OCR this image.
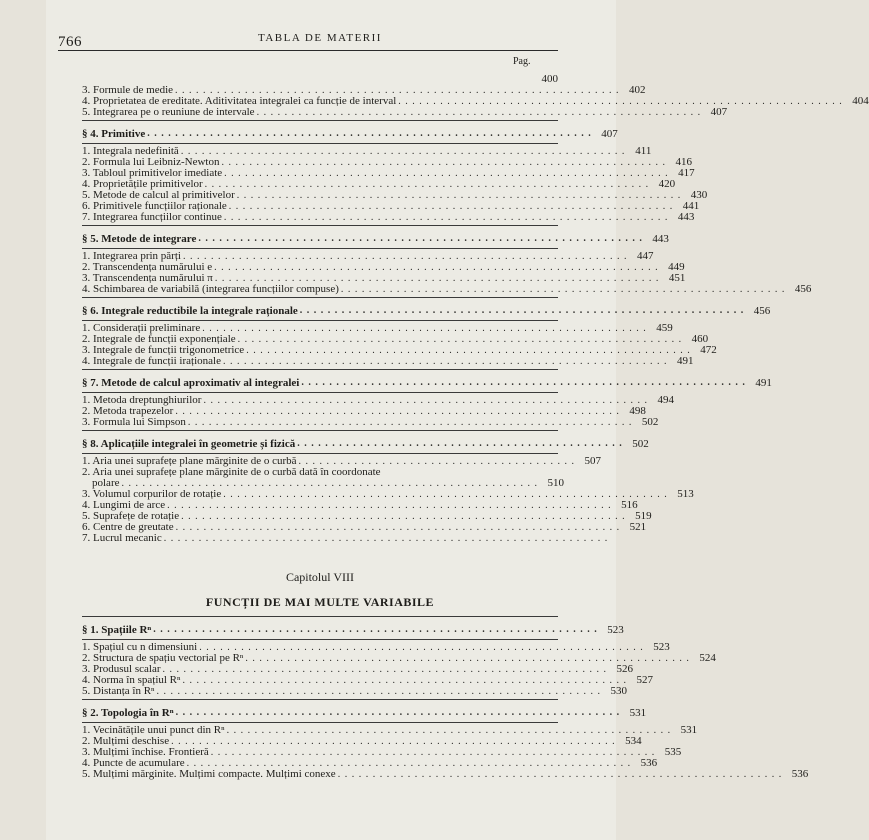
766	TABLA DE MATERII
Pag.
400
3. Formule de medie . . . . . . . . . . . . . . . . . . . . . . . . . . . . . . . . . . . . . . . . . . . . . . . . . . . . . . . . . . . . . . . . 402
4. Proprietatea de ereditate. Aditivitatea integralei ca funcție de interval . . . . . . . . . . . . . . . . . . . . . . . . . . . . . . . . . . . . . . . . . . . . . . . . . . . . . . . . . . . . . . . . 404
5. Integrarea pe o reuniune de intervale . . . . . . . . . . . . . . . . . . . . . . . . . . . . . . . . . . . . . . . . . . . . . . . . . . . . . . . . . . . . . . . . 407
§ 4. Primitive . . . . . . . . . . . . . . . . . . . . . . . . . . . . . . . . . . . . . . . . . . . . . . . . . . . . . . . . . . . . . . . . 407
1. Integrala nedefinită . . . . . . . . . . . . . . . . . . . . . . . . . . . . . . . . . . . . . . . . . . . . . . . . . . . . . . . . . . . . . . . . 411
2. Formula lui Leibniz-Newton . . . . . . . . . . . . . . . . . . . . . . . . . . . . . . . . . . . . . . . . . . . . . . . . . . . . . . . . . . . . . . . . 416
3. Tabloul primitivelor imediate . . . . . . . . . . . . . . . . . . . . . . . . . . . . . . . . . . . . . . . . . . . . . . . . . . . . . . . . . . . . . . . . 417
4. Proprietățile primitivelor . . . . . . . . . . . . . . . . . . . . . . . . . . . . . . . . . . . . . . . . . . . . . . . . . . . . . . . . . . . . . . . . 420
5. Metode de calcul al primitivelor . . . . . . . . . . . . . . . . . . . . . . . . . . . . . . . . . . . . . . . . . . . . . . . . . . . . . . . . . . . . . . . . 430
6. Primitivele funcțiilor raționale . . . . . . . . . . . . . . . . . . . . . . . . . . . . . . . . . . . . . . . . . . . . . . . . . . . . . . . . . . . . . . . . 441
7. Integrarea funcțiilor continue . . . . . . . . . . . . . . . . . . . . . . . . . . . . . . . . . . . . . . . . . . . . . . . . . . . . . . . . . . . . . . . . 443
§ 5. Metode de integrare . . . . . . . . . . . . . . . . . . . . . . . . . . . . . . . . . . . . . . . . . . . . . . . . . . . . . . . . . . . . . . . . 443
1. Integrarea prin părți . . . . . . . . . . . . . . . . . . . . . . . . . . . . . . . . . . . . . . . . . . . . . . . . . . . . . . . . . . . . . . . . 447
2. Transcendența numărului e . . . . . . . . . . . . . . . . . . . . . . . . . . . . . . . . . . . . . . . . . . . . . . . . . . . . . . . . . . . . . . . . 449
3. Transcendența numărului π . . . . . . . . . . . . . . . . . . . . . . . . . . . . . . . . . . . . . . . . . . . . . . . . . . . . . . . . . . . . . . . . 451
4. Schimbarea de variabilă (integrarea funcțiilor compuse) . . . . . . . . . . . . . . . . . . . . . . . . . . . . . . . . . . . . . . . . . . . . . . . . . . . . . . . . . . . . . . . . 456
§ 6. Integrale reductibile la integrale raționale . . . . . . . . . . . . . . . . . . . . . . . . . . . . . . . . . . . . . . . . . . . . . . . . . . . . . . . . . . . . . . . . 456
1. Considerații preliminare . . . . . . . . . . . . . . . . . . . . . . . . . . . . . . . . . . . . . . . . . . . . . . . . . . . . . . . . . . . . . . . . 459
2. Integrale de funcții exponențiale . . . . . . . . . . . . . . . . . . . . . . . . . . . . . . . . . . . . . . . . . . . . . . . . . . . . . . . . . . . . . . . . 460
3. Integrale de funcții trigonometrice . . . . . . . . . . . . . . . . . . . . . . . . . . . . . . . . . . . . . . . . . . . . . . . . . . . . . . . . . . . . . . . . 472
4. Integrale de funcții iraționale . . . . . . . . . . . . . . . . . . . . . . . . . . . . . . . . . . . . . . . . . . . . . . . . . . . . . . . . . . . . . . . . 491
§ 7. Metode de calcul aproximativ al integralei . . . . . . . . . . . . . . . . . . . . . . . . . . . . . . . . . . . . . . . . . . . . . . . . . . . . . . . . . . . . . . . . 491
1. Metoda dreptunghiurilor . . . . . . . . . . . . . . . . . . . . . . . . . . . . . . . . . . . . . . . . . . . . . . . . . . . . . . . . . . . . . . . . 494
2. Metoda trapezelor . . . . . . . . . . . . . . . . . . . . . . . . . . . . . . . . . . . . . . . . . . . . . . . . . . . . . . . . . . . . . . . . 498
3. Formula lui Simpson . . . . . . . . . . . . . . . . . . . . . . . . . . . . . . . . . . . . . . . . . . . . . . . . . . . . . . . . . . . . . . . . 502
§ 8. Aplicațiile integralei în geometrie și fizică . . . . . . . . . . . . . . . . . . . . . . . . . . . . . . . . . . . . . . . . . . . . . . . 502
1. Aria unei suprafețe plane mărginite de o curbă . . . . . . . . . . . . . . . . . . . . . . . . . . . . . . . . . . . . . . . . 507
2. Aria unei suprafețe plane mărginite de o curbă dată în coordonate
polare . . . . . . . . . . . . . . . . . . . . . . . . . . . . . . . . . . . . . . . . . . . . . . . . . . . . . . . . . . . . 510
3. Volumul corpurilor de rotație . . . . . . . . . . . . . . . . . . . . . . . . . . . . . . . . . . . . . . . . . . . . . . . . . . . . . . . . . . . . . . . . 513
4. Lungimi de arce . . . . . . . . . . . . . . . . . . . . . . . . . . . . . . . . . . . . . . . . . . . . . . . . . . . . . . . . . . . . . . . . 516
5. Suprafețe de rotație . . . . . . . . . . . . . . . . . . . . . . . . . . . . . . . . . . . . . . . . . . . . . . . . . . . . . . . . . . . . . . . . 519
6. Centre de greutate . . . . . . . . . . . . . . . . . . . . . . . . . . . . . . . . . . . . . . . . . . . . . . . . . . . . . . . . . . . . . . . . 521
7. Lucrul mecanic . . . . . . . . . . . . . . . . . . . . . . . . . . . . . . . . . . . . . . . . . . . . . . . . . . . . . . . . . . . . . . . .
Capitolul VIII
FUNCȚII DE MAI MULTE VARIABILE
§ 1. Spațiile Rⁿ . . . . . . . . . . . . . . . . . . . . . . . . . . . . . . . . . . . . . . . . . . . . . . . . . . . . . . . . . . . . . . . . 523
1. Spațiul cu n dimensiuni . . . . . . . . . . . . . . . . . . . . . . . . . . . . . . . . . . . . . . . . . . . . . . . . . . . . . . . . . . . . . . . . 523
2. Structura de spațiu vectorial pe Rⁿ . . . . . . . . . . . . . . . . . . . . . . . . . . . . . . . . . . . . . . . . . . . . . . . . . . . . . . . . . . . . . . . . 524
3. Produsul scalar . . . . . . . . . . . . . . . . . . . . . . . . . . . . . . . . . . . . . . . . . . . . . . . . . . . . . . . . . . . . . . . . 526
4. Norma în spațiul Rⁿ . . . . . . . . . . . . . . . . . . . . . . . . . . . . . . . . . . . . . . . . . . . . . . . . . . . . . . . . . . . . . . . . 527
5. Distanța în Rⁿ . . . . . . . . . . . . . . . . . . . . . . . . . . . . . . . . . . . . . . . . . . . . . . . . . . . . . . . . . . . . . . . . 530
§ 2. Topologia în Rⁿ . . . . . . . . . . . . . . . . . . . . . . . . . . . . . . . . . . . . . . . . . . . . . . . . . . . . . . . . . . . . . . . . 531
1. Vecinătățile unui punct din Rⁿ . . . . . . . . . . . . . . . . . . . . . . . . . . . . . . . . . . . . . . . . . . . . . . . . . . . . . . . . . . . . . . . . 531
2. Mulțimi deschise . . . . . . . . . . . . . . . . . . . . . . . . . . . . . . . . . . . . . . . . . . . . . . . . . . . . . . . . . . . . . . . . 534
3. Mulțimi închise. Frontieră . . . . . . . . . . . . . . . . . . . . . . . . . . . . . . . . . . . . . . . . . . . . . . . . . . . . . . . . . . . . . . . . 535
4. Puncte de acumulare . . . . . . . . . . . . . . . . . . . . . . . . . . . . . . . . . . . . . . . . . . . . . . . . . . . . . . . . . . . . . . . . 536
5. Mulțimi mărginite. Mulțimi compacte. Mulțimi conexe . . . . . . . . . . . . . . . . . . . . . . . . . . . . . . . . . . . . . . . . . . . . . . . . . . . . . . . . . . . . . . . . 536
